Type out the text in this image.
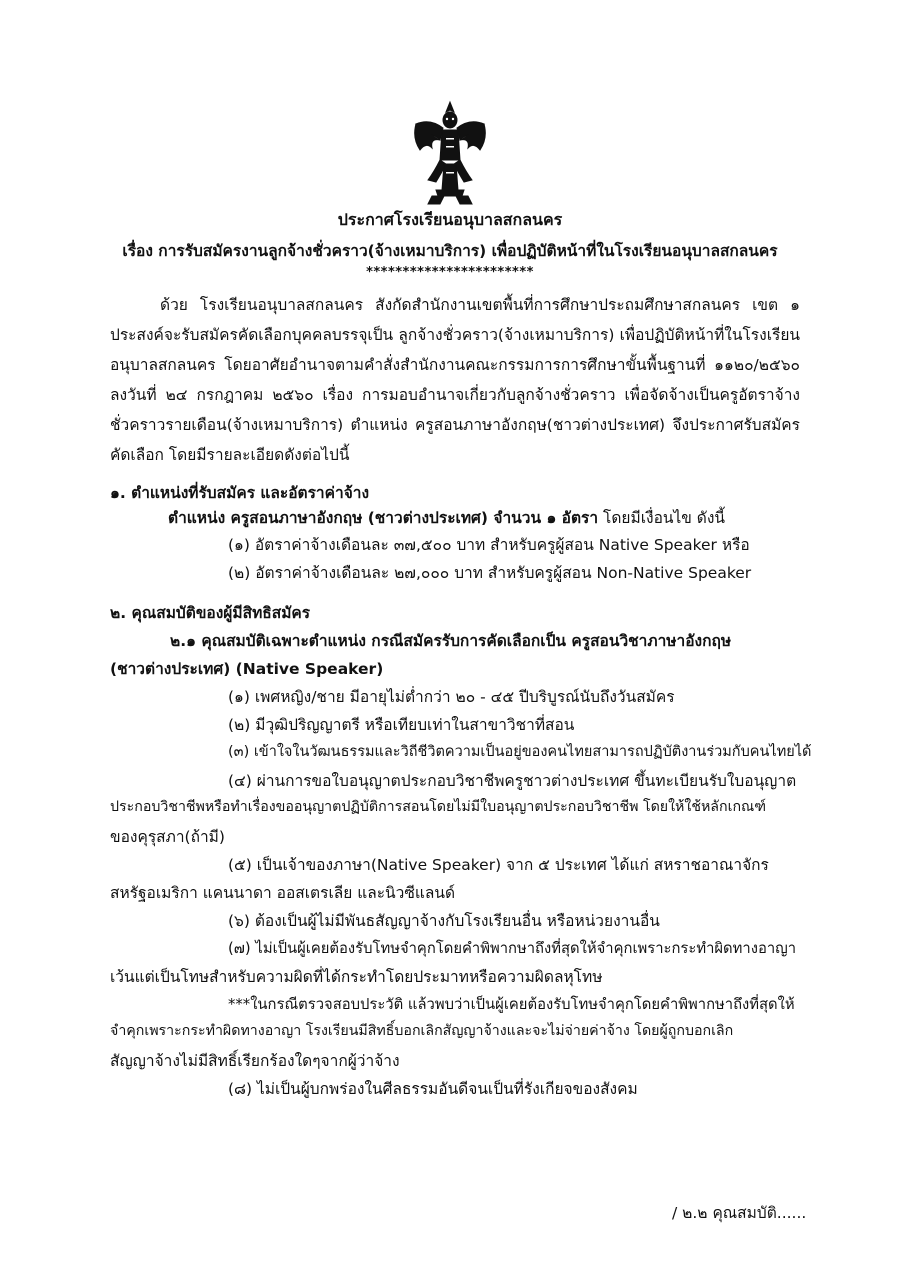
ประกาศโรงเรียนอนุบาลสกลนคร
เรื่อง การรับสมัครงานลูกจ้างชั่วคราว(จ้างเหมาบริการ) เพื่อปฏิบัติหน้าที่ในโรงเรียนอนุบาลสกลนคร
***********************
ด้วย โรงเรียนอนุบาลสกลนคร สังกัดสำนักงานเขตพื้นที่การศึกษาประถมศึกษาสกลนคร เขต ๑ ประสงค์จะรับสมัครคัดเลือกบุคคลบรรจุเป็น ลูกจ้างชั่วคราว(จ้างเหมาบริการ) เพื่อปฏิบัติหน้าที่ในโรงเรียนอนุบาลสกลนคร โดยอาศัยอำนาจตามคำสั่งสำนักงานคณะกรรมการการศึกษาขั้นพื้นฐานที่ ๑๑๒๐/๒๕๖๐ ลงวันที่ ๒๔ กรกฎาคม ๒๕๖๐ เรื่อง การมอบอำนาจเกี่ยวกับลูกจ้างชั่วคราว เพื่อจัดจ้างเป็นครูอัตราจ้างชั่วคราวรายเดือน(จ้างเหมาบริการ) ตำแหน่ง ครูสอนภาษาอังกฤษ(ชาวต่างประเทศ) จึงประกาศรับสมัครคัดเลือก โดยมีรายละเอียดดังต่อไปนี้
๑. ตำแหน่งที่รับสมัคร และอัตราค่าจ้าง
ตำแหน่ง ครูสอนภาษาอังกฤษ (ชาวต่างประเทศ) จำนวน ๑ อัตรา โดยมีเงื่อนไข ดังนี้
(๑) อัตราค่าจ้างเดือนละ ๓๗,๕๐๐ บาท สำหรับครูผู้สอน Native Speaker หรือ
(๒) อัตราค่าจ้างเดือนละ ๒๗,๐๐๐ บาท สำหรับครูผู้สอน Non-Native Speaker
๒. คุณสมบัติของผู้มีสิทธิสมัคร
๒.๑ คุณสมบัติเฉพาะตำแหน่ง กรณีสมัครรับการคัดเลือกเป็น ครูสอนวิชาภาษาอังกฤษ
(ชาวต่างประเทศ) (Native Speaker)
(๑) เพศหญิง/ชาย มีอายุไม่ต่ำกว่า ๒๐ - ๔๕ ปีบริบูรณ์นับถึงวันสมัคร
(๒) มีวุฒิปริญญาตรี หรือเทียบเท่าในสาขาวิชาที่สอน
(๓) เข้าใจในวัฒนธรรมและวิถีชีวิตความเป็นอยู่ของคนไทยสามารถปฏิบัติงานร่วมกับคนไทยได้
(๔) ผ่านการขอใบอนุญาตประกอบวิชาชีพครูชาวต่างประเทศ ขึ้นทะเบียนรับใบอนุญาต
ประกอบวิชาชีพหรือทำเรื่องขออนุญาตปฏิบัติการสอนโดยไม่มีใบอนุญาตประกอบวิชาชีพ โดยให้ใช้หลักเกณฑ์
ของคุรุสภา(ถ้ามี)
(๕) เป็นเจ้าของภาษา(Native Speaker) จาก ๕ ประเทศ ได้แก่ สหราชอาณาจักร
สหรัฐอเมริกา แคนนาดา ออสเตรเลีย และนิวซีแลนด์
(๖) ต้องเป็นผู้ไม่มีพันธสัญญาจ้างกับโรงเรียนอื่น หรือหน่วยงานอื่น
(๗) ไม่เป็นผู้เคยต้องรับโทษจำคุกโดยคำพิพากษาถึงที่สุดให้จำคุกเพราะกระทำผิดทางอาญา
เว้นแต่เป็นโทษสำหรับความผิดที่ได้กระทำโดยประมาทหรือความผิดลหุโทษ
***ในกรณีตรวจสอบประวัติ แล้วพบว่าเป็นผู้เคยต้องรับโทษจำคุกโดยคำพิพากษาถึงที่สุดให้
จำคุกเพราะกระทำผิดทางอาญา โรงเรียนมีสิทธิ์บอกเลิกสัญญาจ้างและจะไม่จ่ายค่าจ้าง โดยผู้ถูกบอกเลิก
สัญญาจ้างไม่มีสิทธิ์เรียกร้องใดๆจากผู้ว่าจ้าง
(๘) ไม่เป็นผู้บกพร่องในศีลธรรมอันดีจนเป็นที่รังเกียจของสังคม
/ ๒.๒ คุณสมบัติ......
